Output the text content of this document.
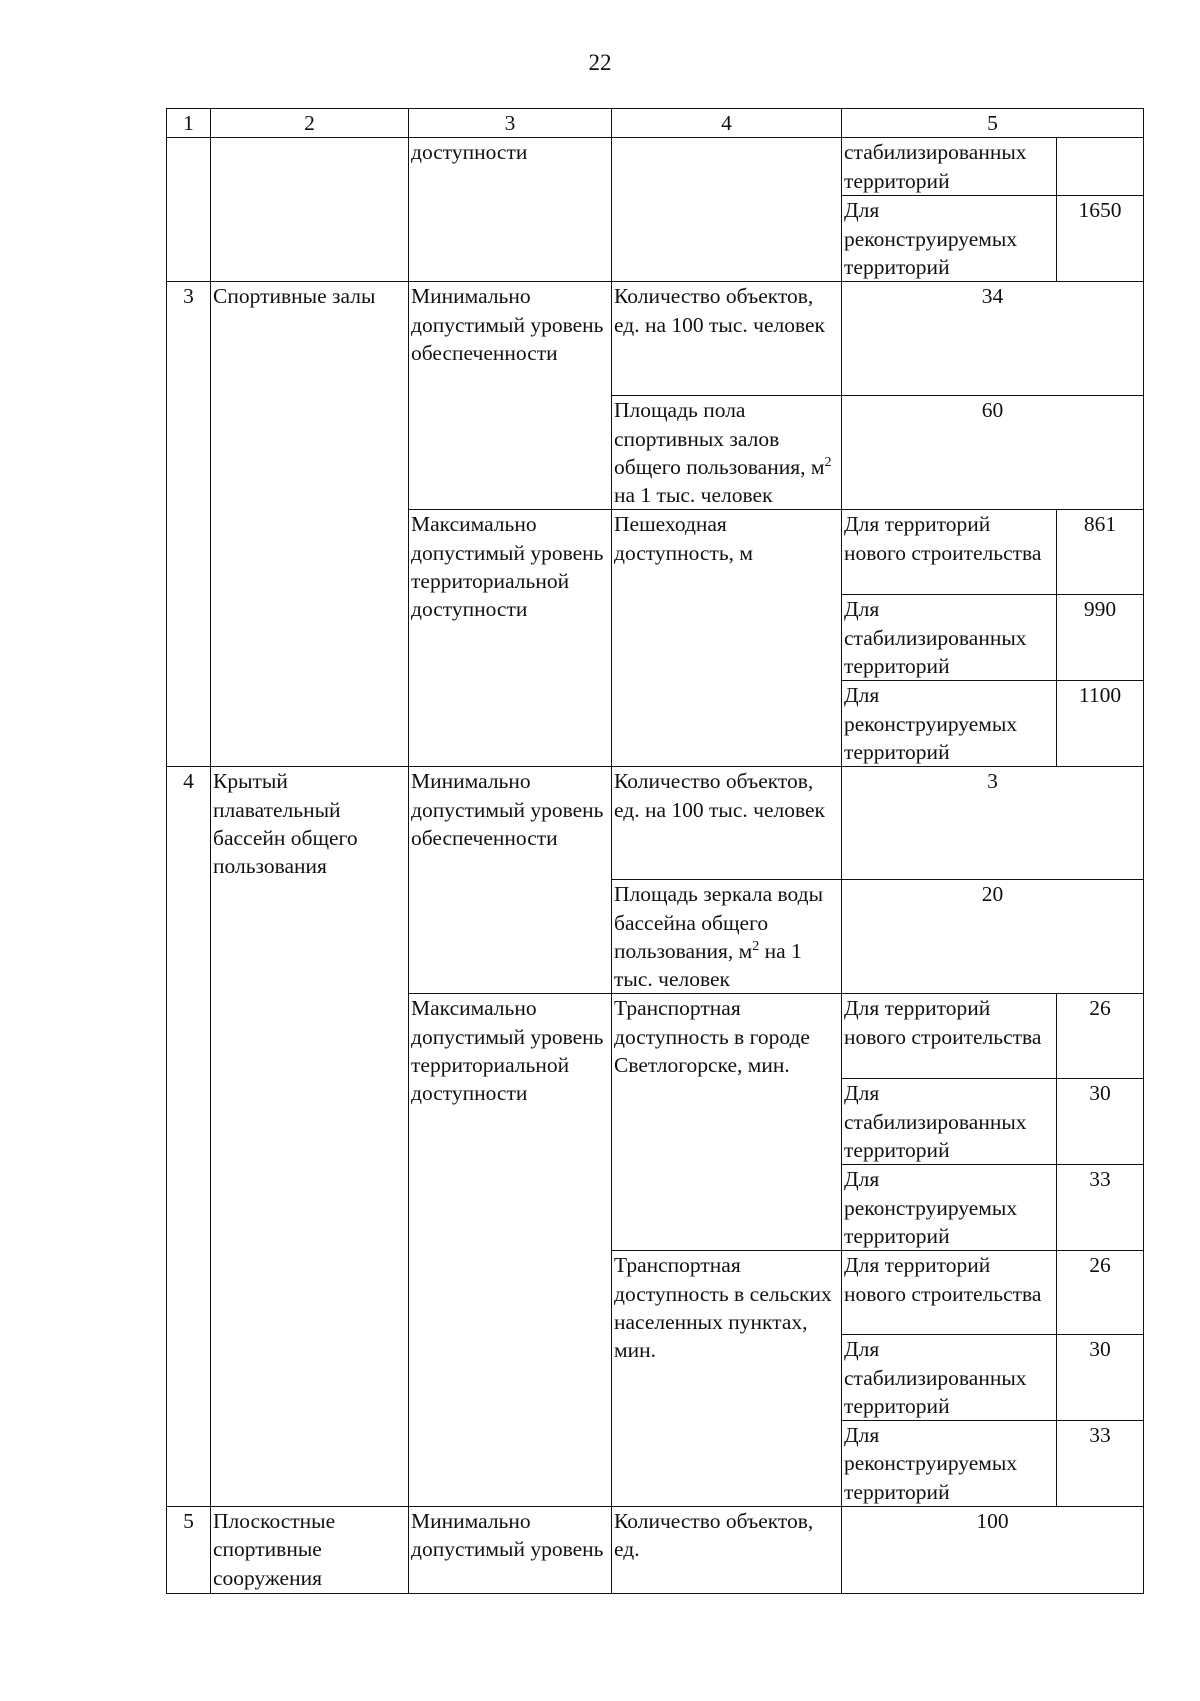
22
1	2	3	4	5	
		доступности		стабилизированных территорий	
				Для реконструируемых территорий	1650
3	Спортивные залы	Минимально допустимый уровень обеспеченности	Количество объектов, ед. на 100 тыс. человек	34	
			Площадь пола спортивных залов общего пользования, $м^2$ на 1 тыс. человек	60	
		Максимально допустимый уровень территориальной доступности	Пешеходная доступность, м	Для территорий нового строительства	861
				Для стабилизированных территорий	990
				Для реконструируемых территорий	1100
4	Крытый плавательный бассейн общего пользования	Минимально допустимый уровень обеспеченности	Количество объектов, ед. на 100 тыс. человек	3	
			Площадь зеркала воды бассейна общего пользования, $м^2$ на 1 тыс. человек	20	
		Максимально допустимый уровень территориальной доступности	Транспортная доступность в городе Светлогорске, мин.	Для территорий нового строительства	26
				Для стабилизированных территорий	30
				Для реконструируемых территорий	33
			Транспортная доступность в сельских населенных пунктах, мин.	Для территорий нового строительства	26
				Для стабилизированных территорий	30
				Для реконструируемых территорий	33
5	Плоскостные спортивные сооружения	Минимально допустимый уровень	Количество объектов, ед.	100	
